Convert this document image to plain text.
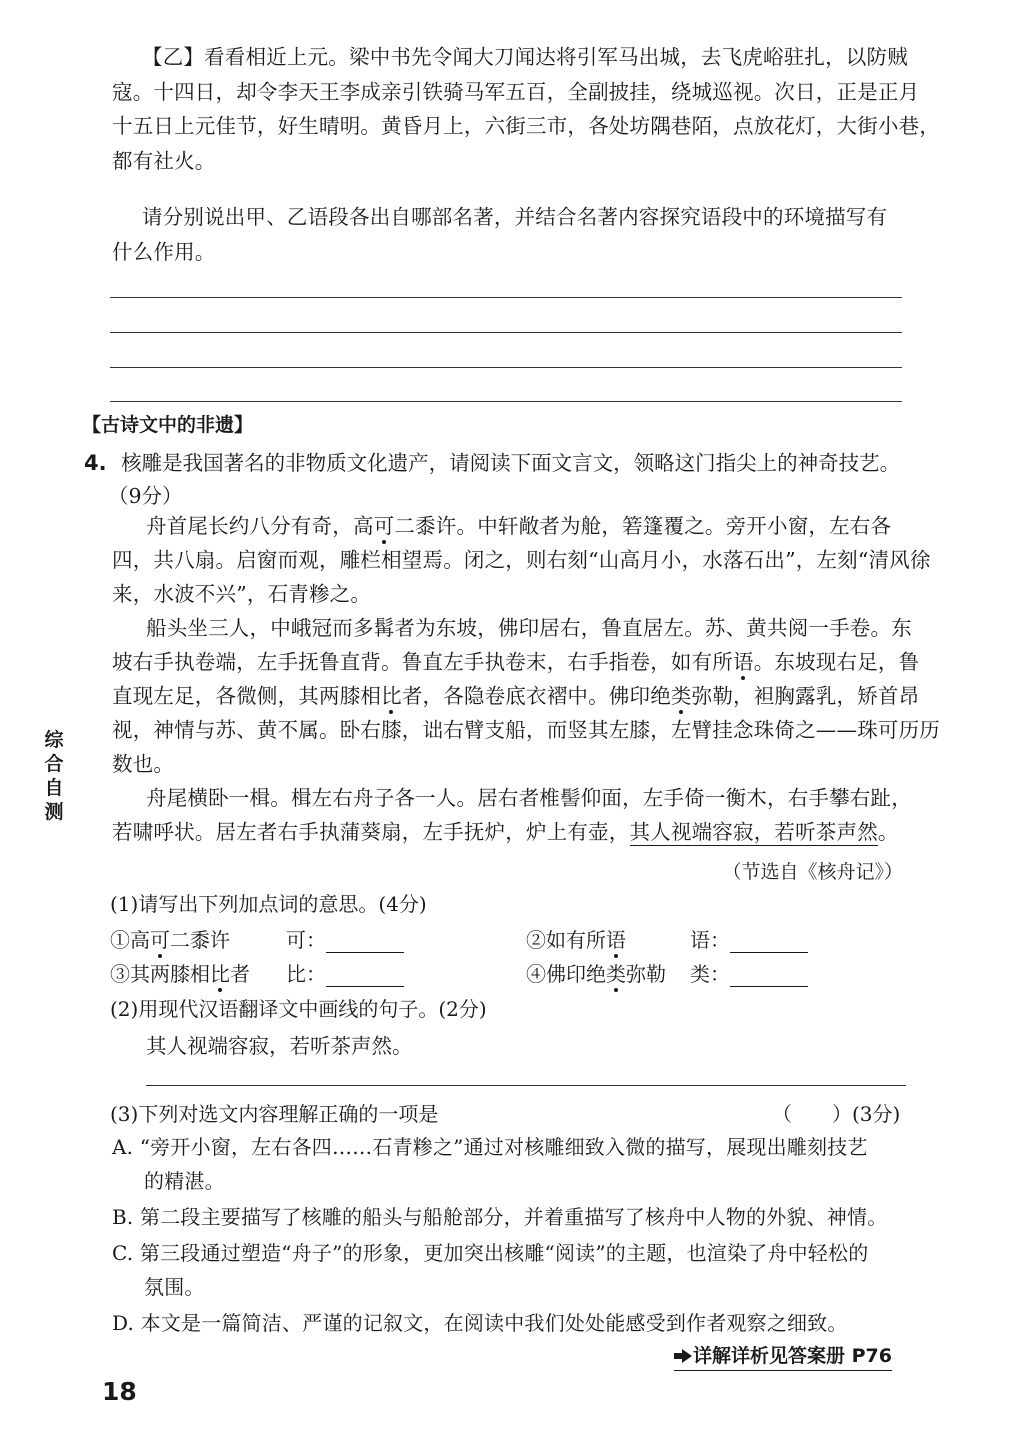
【乙】看看相近上元。梁中书先令闻大刀闻达将引军马出城，去飞虎峪驻扎，以防贼
寇。十四日，却令李天王李成亲引铁骑马军五百，全副披挂，绕城巡视。次日，正是正月
十五日上元佳节，好生晴明。黄昏月上，六街三市，各处坊隅巷陌，点放花灯，大街小巷，
都有社火。
请分别说出甲、乙语段各出自哪部名著，并结合名著内容探究语段中的环境描写有
什么作用。
【古诗文中的非遗】
4. 核雕是我国著名的非物质文化遗产，请阅读下面文言文，领略这门指尖上的神奇技艺。
（9分）
舟首尾长约八分有奇，高可二黍许。中轩敞者为舱，箬篷覆之。旁开小窗，左右各
四，共八扇。启窗而观，雕栏相望焉。闭之，则右刻“山高月小，水落石出”，左刻“清风徐
来，水波不兴”，石青糁之。
船头坐三人，中峨冠而多髯者为东坡，佛印居右，鲁直居左。苏、黄共阅一手卷。东
坡右手执卷端，左手抚鲁直背。鲁直左手执卷末，右手指卷，如有所语。东坡现右足，鲁
直现左足，各微侧，其两膝相比者，各隐卷底衣褶中。佛印绝类弥勒，袒胸露乳，矫首昂
视，神情与苏、黄不属。卧右膝，诎右臂支船，而竖其左膝，左臂挂念珠倚之——珠可历历
数也。
舟尾横卧一楫。楫左右舟子各一人。居右者椎髻仰面，左手倚一衡木，右手攀右趾，
若啸呼状。居左者右手执蒲葵扇，左手抚炉，炉上有壶，其人视端容寂，若听茶声然。
（节选自《核舟记》）
(1)请写出下列加点词的意思。(4分)
①高可二黍许	可：	②如有所语	语：
③其两膝相比者 比：	④佛印绝类弥勒 类：
(2)用现代汉语翻译文中画线的句子。(2分)
其人视端容寂，若听茶声然。
(3)下列对选文内容理解正确的一项是	（　　）(3分)
A. “旁开小窗，左右各四……石青糁之”通过对核雕细致入微的描写，展现出雕刻技艺
的精湛。
B. 第二段主要描写了核雕的船头与船舱部分，并着重描写了核舟中人物的外貌、神情。
C. 第三段通过塑造“舟子”的形象，更加突出核雕“阅读”的主题，也渲染了舟中轻松的
氛围。
D. 本文是一篇简洁、严谨的记叙文，在阅读中我们处处能感受到作者观察之细致。
综
合
自
测
详解详析见答案册 P76
18
